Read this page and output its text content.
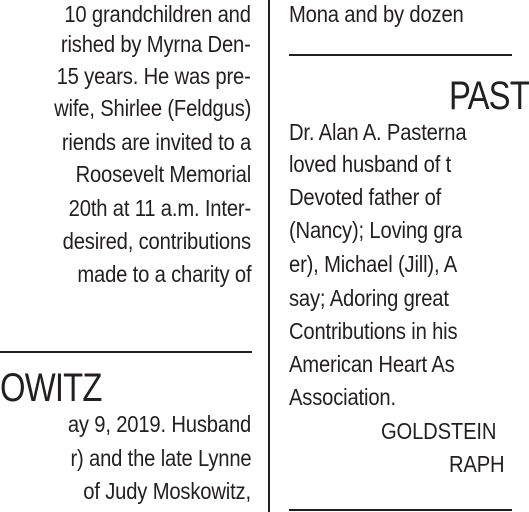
10 grandchildren and
rished by Myrna Den-
15 years. He was pre-
wife, Shirlee (Feldgus)
riends are invited to a
Roosevelt Memorial
20th at 11 a.m. Inter-
desired, contributions
made to a charity of
OWITZ
ay 9, 2019. Husband
r) and the late Lynne
of Judy Moskowitz,
Mona and by dozen
PAST
Dr. Alan A. Pasterna
loved husband of t
Devoted father of
(Nancy); Loving gra
er), Michael (Jill), A
say; Adoring great
Contributions in his
American Heart As
Association.
GOLDSTEIN
RAPH
